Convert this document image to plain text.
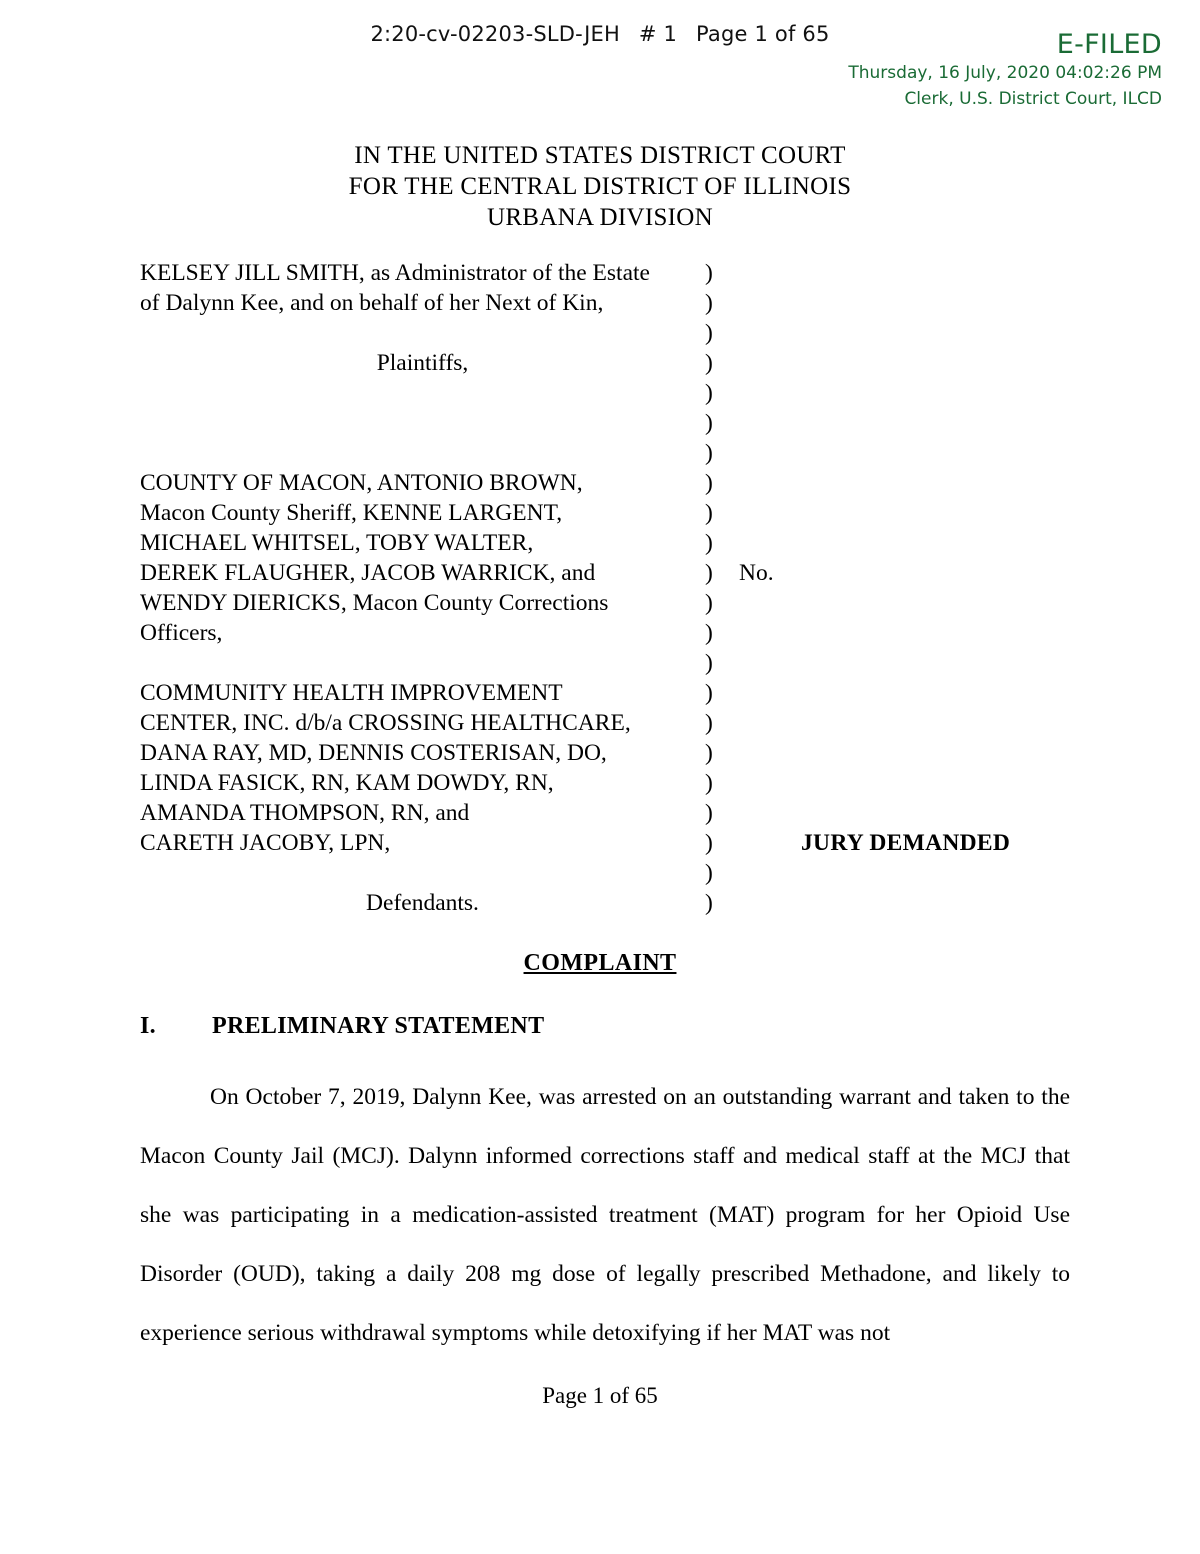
2:20-cv-02203-SLD-JEH # 1 Page 1 of 65	E-FILED
Thursday, 16 July, 2020 04:02:26 PM
Clerk, U.S. District Court, ILCD
IN THE UNITED STATES DISTRICT COURT
FOR THE CENTRAL DISTRICT OF ILLINOIS
URBANA DIVISION
KELSEY JILL SMITH, as Administrator of the Estate	)
of Dalynn Kee, and on behalf of her Next of Kin,	)
)
Plaintiffs,	)
)
)
)
COUNTY OF MACON, ANTONIO BROWN,	)
Macon County Sheriff, KENNE LARGENT,	)
MICHAEL WHITSEL, TOBY WALTER,	)
DEREK FLAUGHER, JACOB WARRICK, and	)	No.
WENDY DIERICKS, Macon County Corrections	)
Officers,	)
)
COMMUNITY HEALTH IMPROVEMENT	)
CENTER, INC. d/b/a CROSSING HEALTHCARE,	)
DANA RAY, MD, DENNIS COSTERISAN, DO,	)
LINDA FASICK, RN, KAM DOWDY, RN,	)
AMANDA THOMPSON, RN, and	)
CARETH JACOBY, LPN,	)	JURY DEMANDED
)
Defendants.	)
COMPLAINT
I. PRELIMINARY STATEMENT
On October 7, 2019, Dalynn Kee, was arrested on an outstanding warrant and taken to the Macon County Jail (MCJ). Dalynn informed corrections staff and medical staff at the MCJ that she was participating in a medication-assisted treatment (MAT) program for her Opioid Use Disorder (OUD), taking a daily 208 mg dose of legally prescribed Methadone, and likely to experience serious withdrawal symptoms while detoxifying if her MAT was not
Page 1 of 65
